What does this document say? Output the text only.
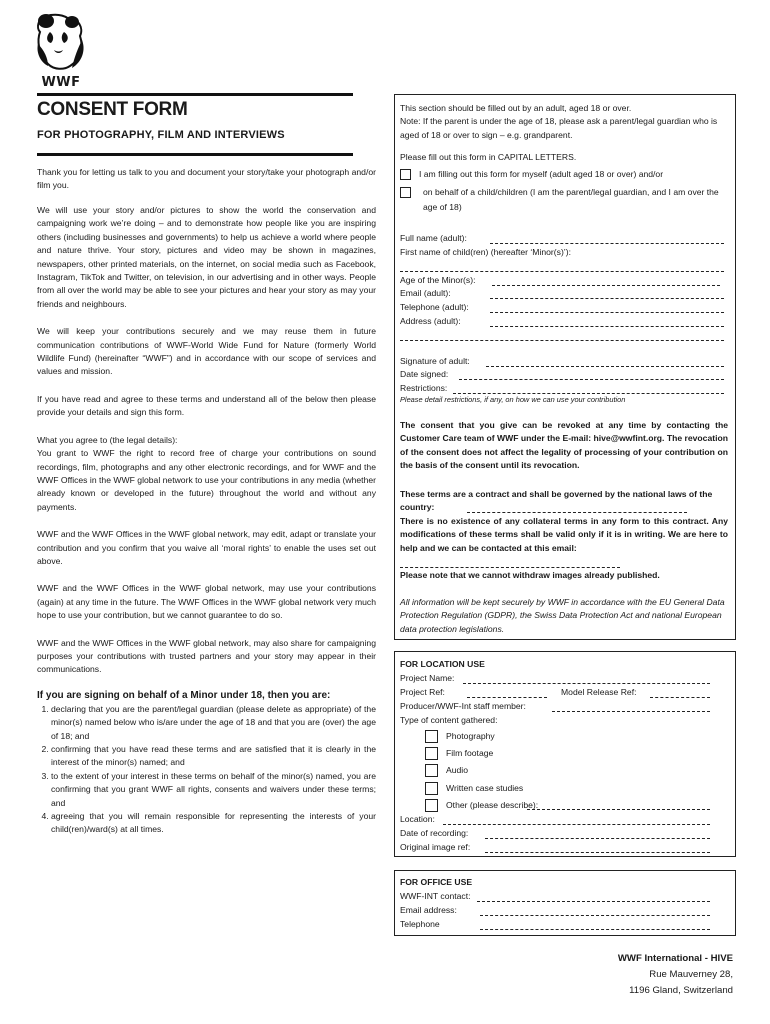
WWF
CONSENT FORM
FOR PHOTOGRAPHY, FILM AND INTERVIEWS

Thank you for letting us talk to you and document your story/take your photograph and/or film you.

We will use your story and/or pictures to show the world the conservation and campaigning work we’re doing – and to demonstrate how people like you are inspiring others (including businesses and governments) to help us achieve a world where people and nature thrive. Your story, pictures and video may be shown in magazines, newspapers, other printed materials, on the internet, on social media such as Facebook, Instagram, TikTok and Twitter, on television, in our advertising and in other ways. People from all over the world may be able to see your pictures and hear your story as may your friends and neighbours.

We will keep your contributions securely and we may reuse them in future communication contributions of WWF-World Wide Fund for Nature (formerly World Wildlife Fund) (hereinafter “WWF”) and in accordance with our scope of services and values and mission.

If you have read and agree to these terms and understand all of the below then please provide your details and sign this form.

What you agree to (the legal details):

You grant to WWF the right to record free of charge your contributions on sound recordings, film, photographs and any other electronic recordings, and for WWF and the WWF Offices in the WWF global network to use your contributions in any media (whether already known or developed in the future) throughout the world and without any payments.

WWF and the WWF Offices in the WWF global network, may edit, adapt or translate your contribution and you confirm that you waive all ‘moral rights’ to enable the uses set out above.

WWF and the WWF Offices in the WWF global network, may use your contributions (again) at any time in the future. The WWF Offices in the WWF global network very much hope to use your contribution, but we cannot guarantee to do so.

WWF and the WWF Offices in the WWF global network, may also share for campaigning purposes your contributions with trusted partners and your story may appear in their communications.

If you are signing on behalf of a Minor under 18, then you are:
1. declaring that you are the parent/legal guardian (please delete as appropriate) of the minor(s) named below who is/are under the age of 18 and that you are (over) the age of 18; and
2. confirming that you have read these terms and are satisfied that it is clearly in the interest of the minor(s) named; and
3. to the extent of your interest in these terms on behalf of the minor(s) named, you are confirming that you grant WWF all rights, consents and waivers under these terms; and
4. agreeing that you will remain responsible for representing the interests of your child(ren)/ward(s) at all times.
This section should be filled out by an adult, aged 18 or over.
Note: If the parent is under the age of 18, please ask a parent/legal guardian who is aged of 18 or over to sign – e.g. grandparent.
Please fill out this form in CAPITAL LETTERS.
I am filling out this form for myself (adult aged 18 or over) and/or
on behalf of a child/children (I am the parent/legal guardian, and I am over the age of 18)
Full name (adult):
First name of child(ren) (hereafter ‘Minor(s)’):
Age of the Minor(s):
Email (adult):
Telephone (adult):
Address (adult):
Signature of adult:
Date signed:
Restrictions:
Please detail restrictions, if any, on how we can use your contribution
The consent that you give can be revoked at any time by contacting the Customer Care team of WWF under the E-mail: hive@wwfint.org. The revocation of the consent does not affect the legality of processing of your contribution on the basis of the consent until its revocation.
These terms are a contract and shall be governed by the national laws of the country:
There is no existence of any collateral terms in any form to this contract. Any modifications of these terms shall be valid only if it is in writing. We are here to help and we can be contacted at this email:
Please note that we cannot withdraw images already published.
All information will be kept securely by WWF in accordance with the EU General Data Protection Regulation (GDPR), the Swiss Data Protection Act and national European data protection legislations.
FOR LOCATION USE
Project Name:
Project Ref:	Model Release Ref:
Producer/WWF-Int staff member:
Type of content gathered:
Photography
Film footage
Audio
Written case studies
Other (please describe):
Location:
Date of recording:
Original image ref:
FOR OFFICE USE
WWF-INT contact:
Email address:
Telephone
WWF International - HIVE
Rue Mauverney 28,
1196 Gland, Switzerland
